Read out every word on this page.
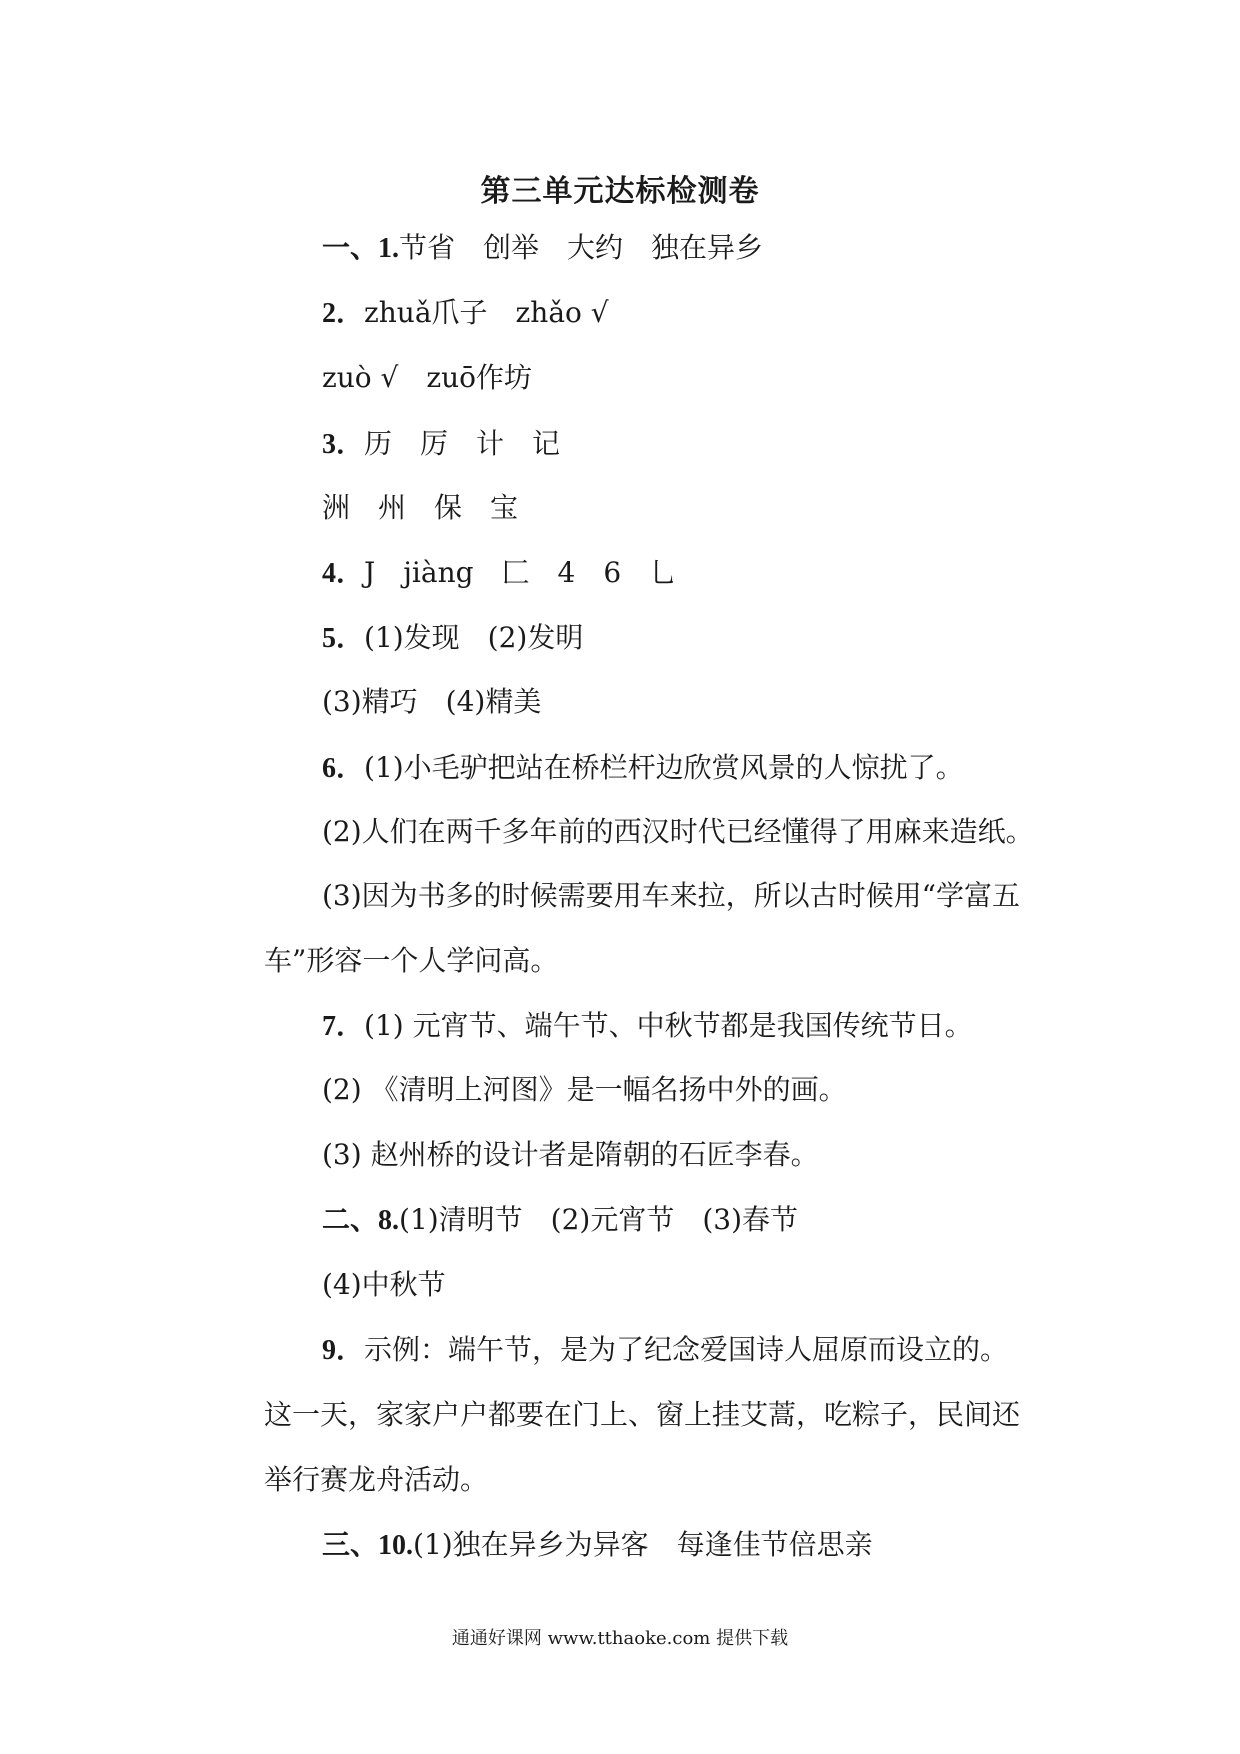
第三单元达标检测卷
一、1.节省　创举　大约　独在异乡
2．zhuǎ爪子　zhǎo √
zuò √　zuō作坊
3．历　厉　计　记
洲　州　保　宝
4．J　jiàng　匚　4　6　乚
5．(1)发现　(2)发明
(3)精巧　(4)精美
6．(1)小毛驴把站在桥栏杆边欣赏风景的人惊扰了。
(2)人们在两千多年前的西汉时代已经懂得了用麻来造纸。
(3)因为书多的时候需要用车来拉，所以古时候用“学富五
车”形容一个人学问高。
7．(1) 元宵节、端午节、中秋节都是我国传统节日。
(2) 《清明上河图》是一幅名扬中外的画。
(3) 赵州桥的设计者是隋朝的石匠李春。
二、8.(1)清明节　(2)元宵节　(3)春节
(4)中秋节
9．示例：端午节，是为了纪念爱国诗人屈原而设立的。
这一天，家家户户都要在门上、窗上挂艾蒿，吃粽子，民间还
举行赛龙舟活动。
三、10.(1)独在异乡为异客　每逢佳节倍思亲
通通好课网 www.tthaoke.com 提供下载
